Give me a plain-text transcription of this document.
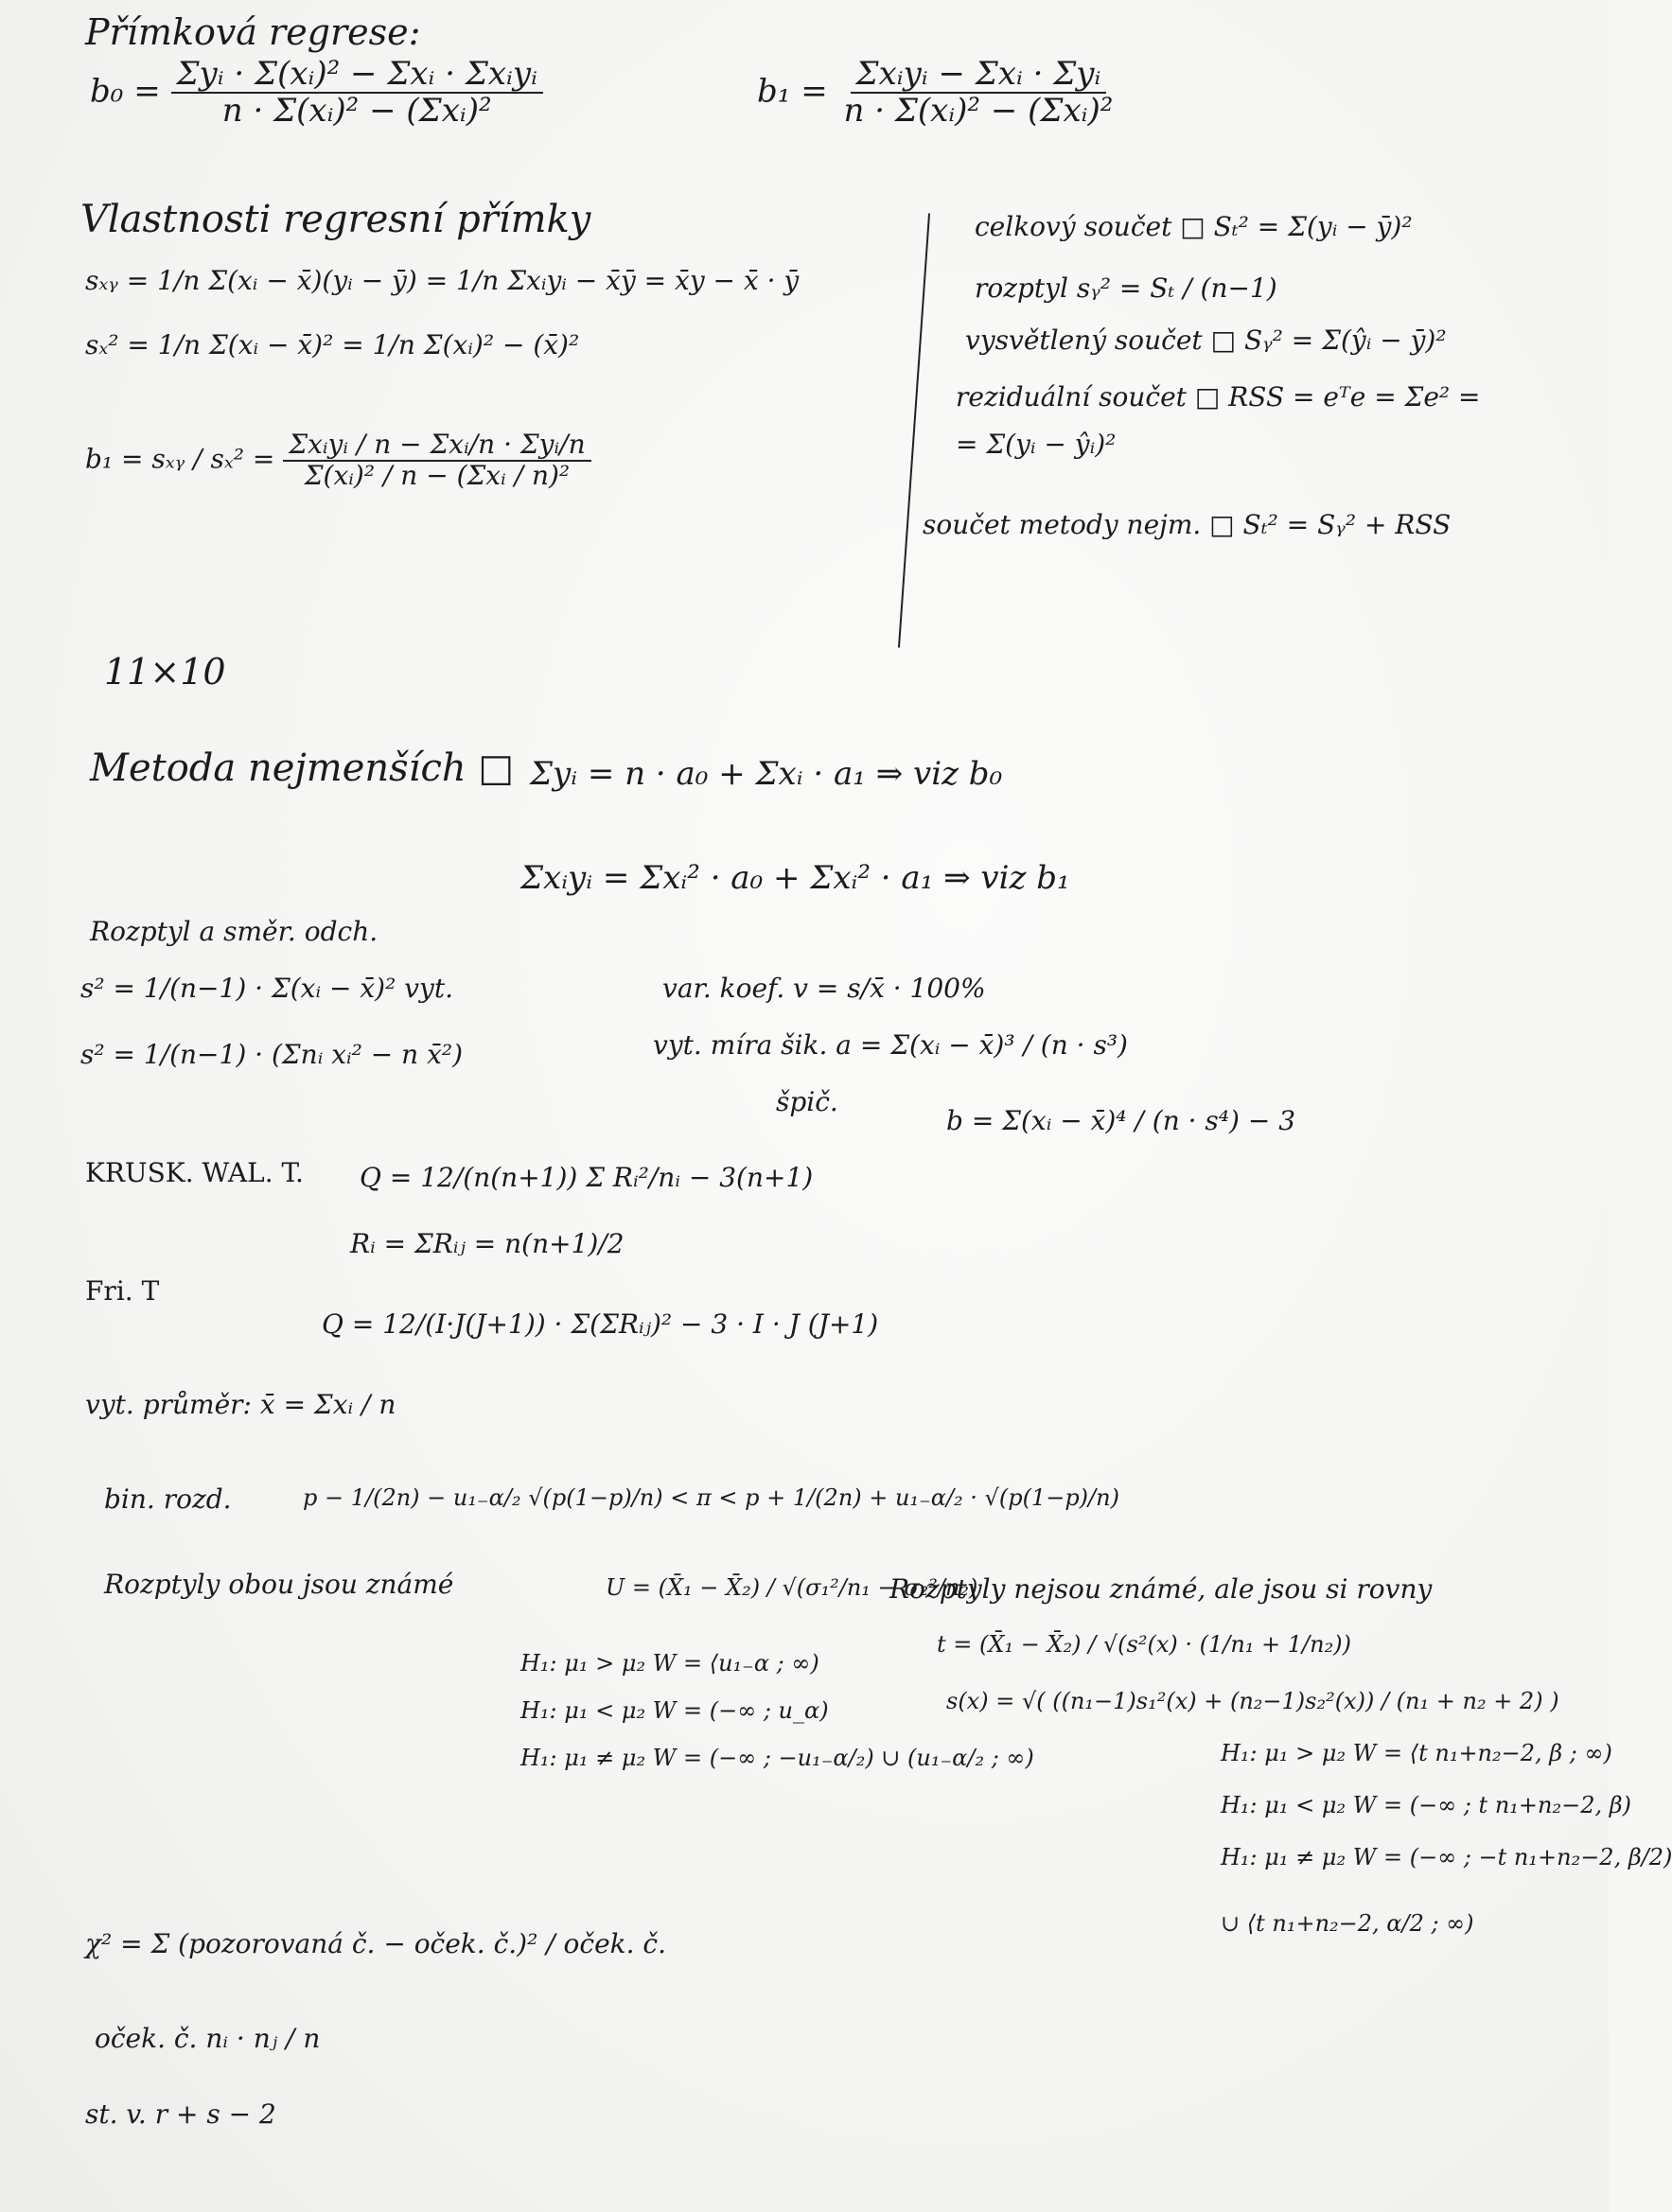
Přímková regrese:
$b_0 = \frac{\text{Σyᵢ · Σ(xᵢ)² − Σxᵢ · Σxᵢyᵢ}}{\text{n · Σ(xᵢ)² − (Σxᵢ)²}}$	$b_1 = \frac{\text{Σxᵢyᵢ − Σxᵢ · Σyᵢ}}{\text{n · Σ(xᵢ)² − (Σxᵢ)²}}$
Vlastnosti regresní přímky
sₓᵧ = 1/n Σ(xᵢ − x̄)(yᵢ − ȳ) = 1/n Σxᵢyᵢ − x̄ȳ = x̄y − x̄ · ȳ
sₓ² = 1/n Σ(xᵢ − x̄)² = 1/n Σ(xᵢ)² − (x̄)²
b₁ = sₓᵧ / $s_x^2 = \frac{\text{Σxᵢyᵢ / n − Σxᵢ/n · Σyᵢ/n}}{\text{Σ(xᵢ)² / n − (Σxᵢ / n)²}}$
celkový součet □ Sₜ² = Σ(yᵢ − ȳ)²
rozptyl sᵧ² = Sₜ / (n−1)
vysvětlený součet □ Sᵧ² = Σ(ŷᵢ − ȳ)²
reziduální součet □ RSS = eᵀe = Σe² =
= Σ(yᵢ − ŷᵢ)²
součet metody nejm. □ Sₜ² = Sᵧ² + RSS
11×10
Metoda nejmenších □ Σyᵢ = n · a₀ + Σxᵢ · a₁ ⇒ viz b₀
Σxᵢyᵢ = Σxᵢ² · a₀ + Σxᵢ² · a₁ ⇒ viz b₁
Rozptyl a směr. odch.
s² = 1/(n−1) · Σ(xᵢ − x̄)² vyt.
s² = 1/(n−1) · (Σnᵢ xᵢ² − n x̄²)
var. koef. v = s/x̄ · 100%
vyt. míra šik. a = Σ(xᵢ − x̄)³ / (n · s³)
špič.
b = Σ(xᵢ − x̄)⁴ / (n · s⁴) − 3
KRUSK. WAL. T. Q = 12/(n(n+1)) Σ Rᵢ²/nᵢ − 3(n+1)
Rᵢ = ΣRᵢⱼ = n(n+1)/2
Fri. T
Q = 12/(I·J(J+1)) · Σ(ΣRᵢⱼ)² − 3 · I · J (J+1)
vyt. průměr: x̄ = Σxᵢ / n
bin. rozd.	p − 1/(2n) − u₁₋α/₂ √(p(1−p)/n) < π < p + 1/(2n) + u₁₋α/₂ · √(p(1−p)/n)
Rozptyly obou jsou známé	U = (X̄₁ − X̄₂) / √(σ₁²/n₁ − σ₂²/n₂)
H₁: μ₁ > μ₂ W = ⟨u₁₋α ; ∞)
H₁: μ₁ < μ₂ W = (−∞ ; u_α)
H₁: μ₁ ≠ μ₂ W = (−∞ ; −u₁₋α/₂) ∪ (u₁₋α/₂ ; ∞)
Rozptyly nejsou známé, ale jsou si rovny
t = (X̄₁ − X̄₂) / √(s²(x) · (1/n₁ + 1/n₂))
s(x) = √( ((n₁−1)s₁²(x) + (n₂−1)s₂²(x)) / (n₁ + n₂ + 2) )
H₁: μ₁ > μ₂ W = ⟨t n₁+n₂−2, β ; ∞)
H₁: μ₁ < μ₂ W = (−∞ ; t n₁+n₂−2, β)
H₁: μ₁ ≠ μ₂ W = (−∞ ; −t n₁+n₂−2, β/2)
∪ ⟨t n₁+n₂−2, α/2 ; ∞)
χ² = Σ (pozorovaná č. − oček. č.)² / oček. č.
oček. č. nᵢ · nⱼ / n
st. v. r + s − 2
